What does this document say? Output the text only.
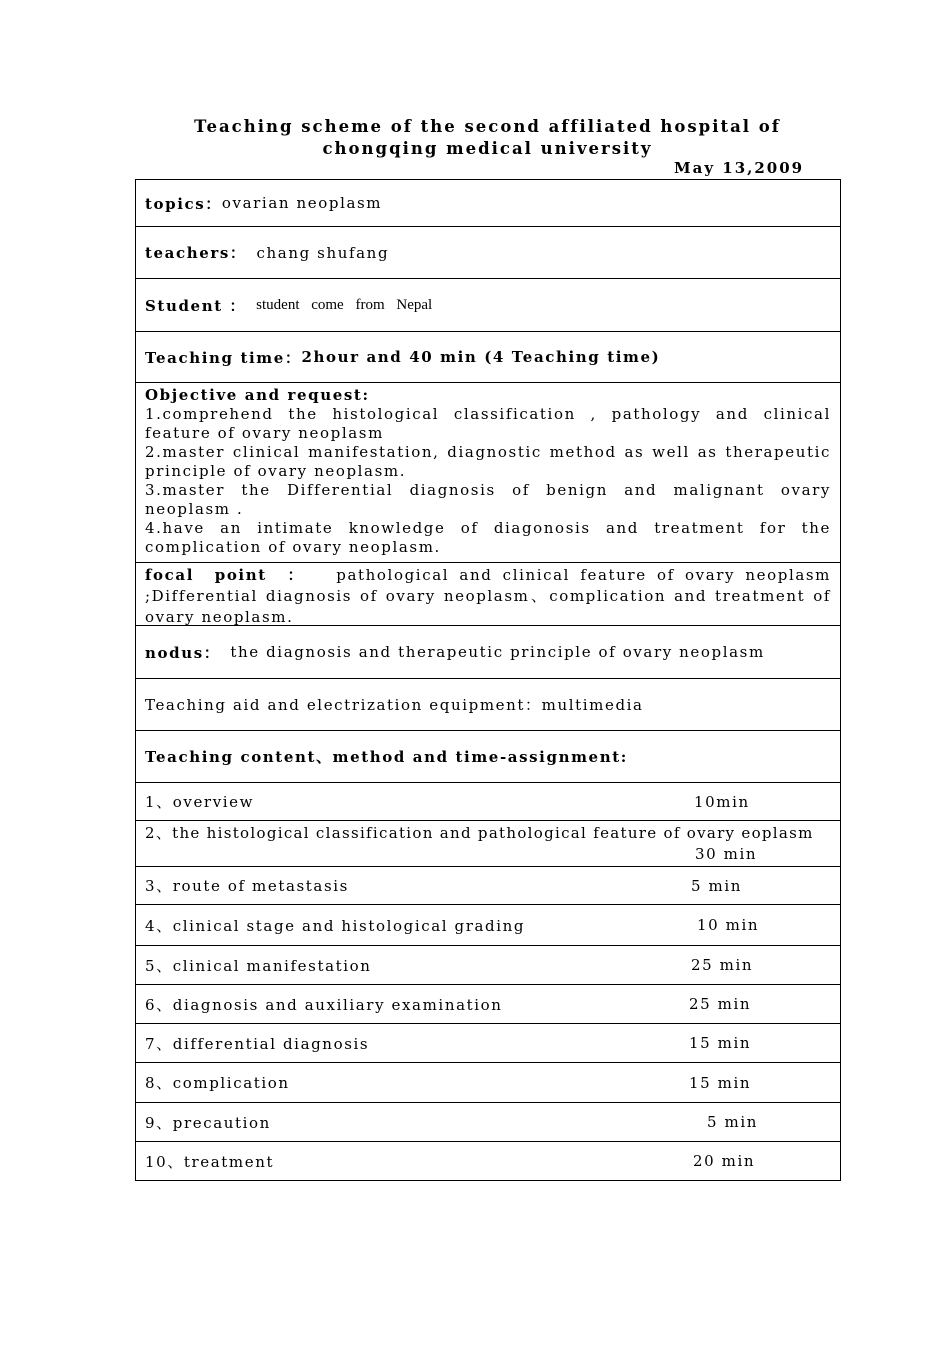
Teaching scheme of the second affiliated hospital of chongqing medical university
May 13,2009
topics： ovarian neoplasm
teachers： chang shufang
Student ： student come from Nepal
Teaching time： 2hour and 40 min (4 Teaching time)
Objective and request:
1.comprehend the histological classification , pathology and clinical feature of ovary neoplasm
2.master clinical manifestation, diagnostic method as well as therapeutic principle of ovary neoplasm.
3.master the Differential diagnosis of benign and malignant ovary neoplasm .
4.have an intimate knowledge of diagonosis and treatment for the complication of ovary neoplasm.
focal point ： pathological and clinical feature of ovary neoplasm ;Differential diagnosis of ovary neoplasm、complication and treatment of ovary neoplasm.
nodus： the diagnosis and therapeutic principle of ovary neoplasm
Teaching aid and electrization equipment：multimedia
Teaching content、method and time-assignment:
1、overview	10min
2、the histological classification and pathological feature of ovary eoplasm
30 min
3、route of metastasis	5 min
4、clinical stage and histological grading	10 min
5、clinical manifestation	25 min
6、diagnosis and auxiliary examination	25 min
7、differential diagnosis	15 min
8、complication	15 min
9、precaution	5 min
10、treatment	20 min
